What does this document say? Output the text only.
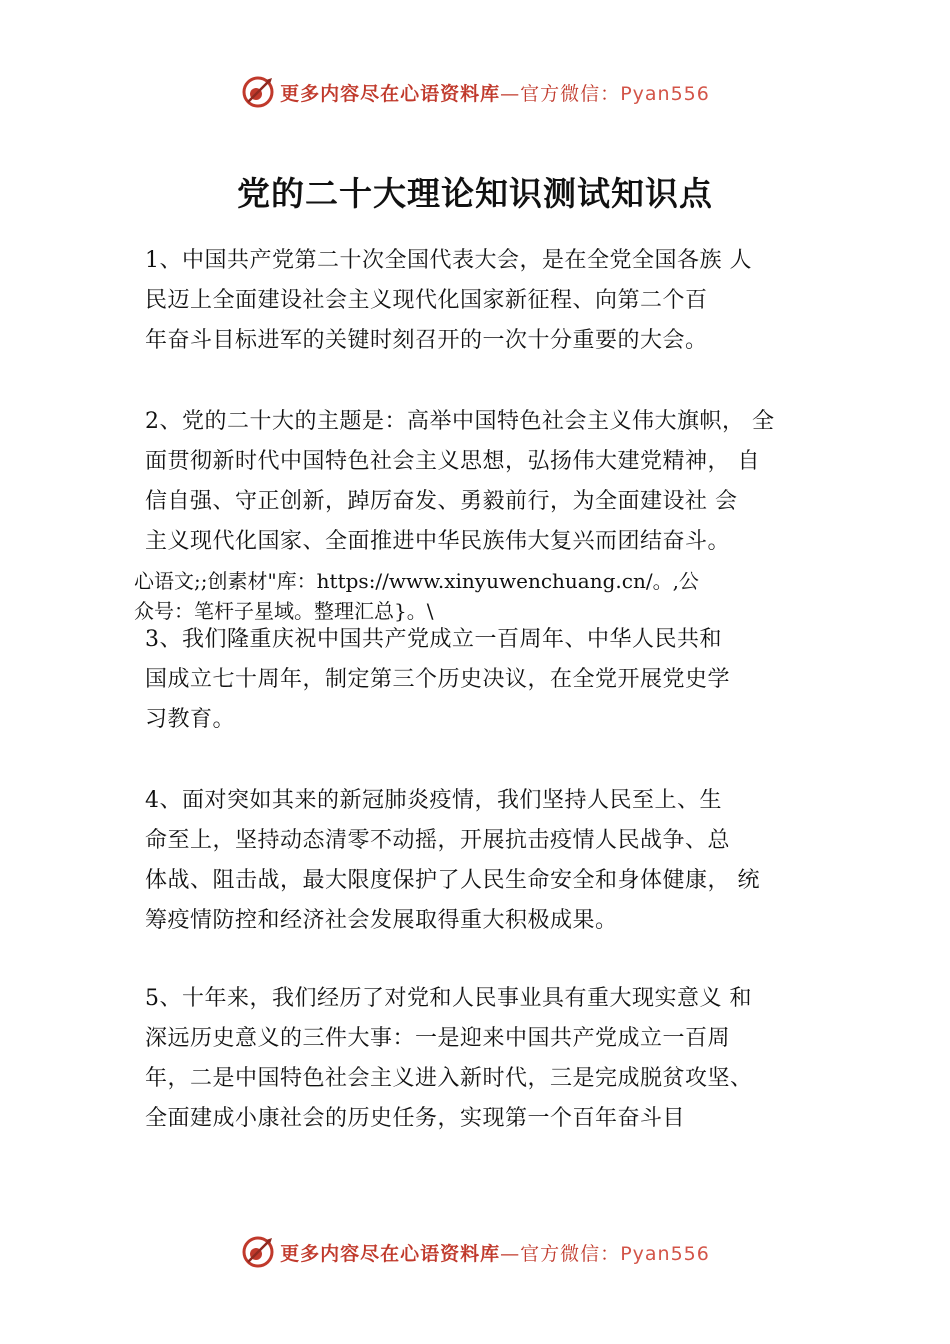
更多内容尽在心语资料库—官方微信：Pyan556
党的二十大理论知识测试知识点
1、中国共产党第二十次全国代表大会，是在全党全国各族 人
民迈上全面建设社会主义现代化国家新征程、向第二个百
年奋斗目标进军的关键时刻召开的一次十分重要的大会。
2、党的二十大的主题是：高举中国特色社会主义伟大旗帜， 全
面贯彻新时代中国特色社会主义思想，弘扬伟大建党精神， 自
信自强、守正创新，踔厉奋发、勇毅前行，为全面建设社 会
主义现代化国家、全面推进中华民族伟大复兴而团结奋斗。
心语文;;创素材"库：https://www.xinyuwenchuang.cn/。,公
众号：笔杆子星域。整理汇总}。\
3、我们隆重庆祝中国共产党成立一百周年、中华人民共和
国成立七十周年，制定第三个历史决议，在全党开展党史学
习教育。
4、面对突如其来的新冠肺炎疫情，我们坚持人民至上、生
命至上，坚持动态清零不动摇，开展抗击疫情人民战争、总
体战、阻击战，最大限度保护了人民生命安全和身体健康， 统
筹疫情防控和经济社会发展取得重大积极成果。
5、十年来，我们经历了对党和人民事业具有重大现实意义 和
深远历史意义的三件大事：一是迎来中国共产党成立一百周
年，二是中国特色社会主义进入新时代，三是完成脱贫攻坚、
全面建成小康社会的历史任务，实现第一个百年奋斗目
更多内容尽在心语资料库—官方微信：Pyan556
